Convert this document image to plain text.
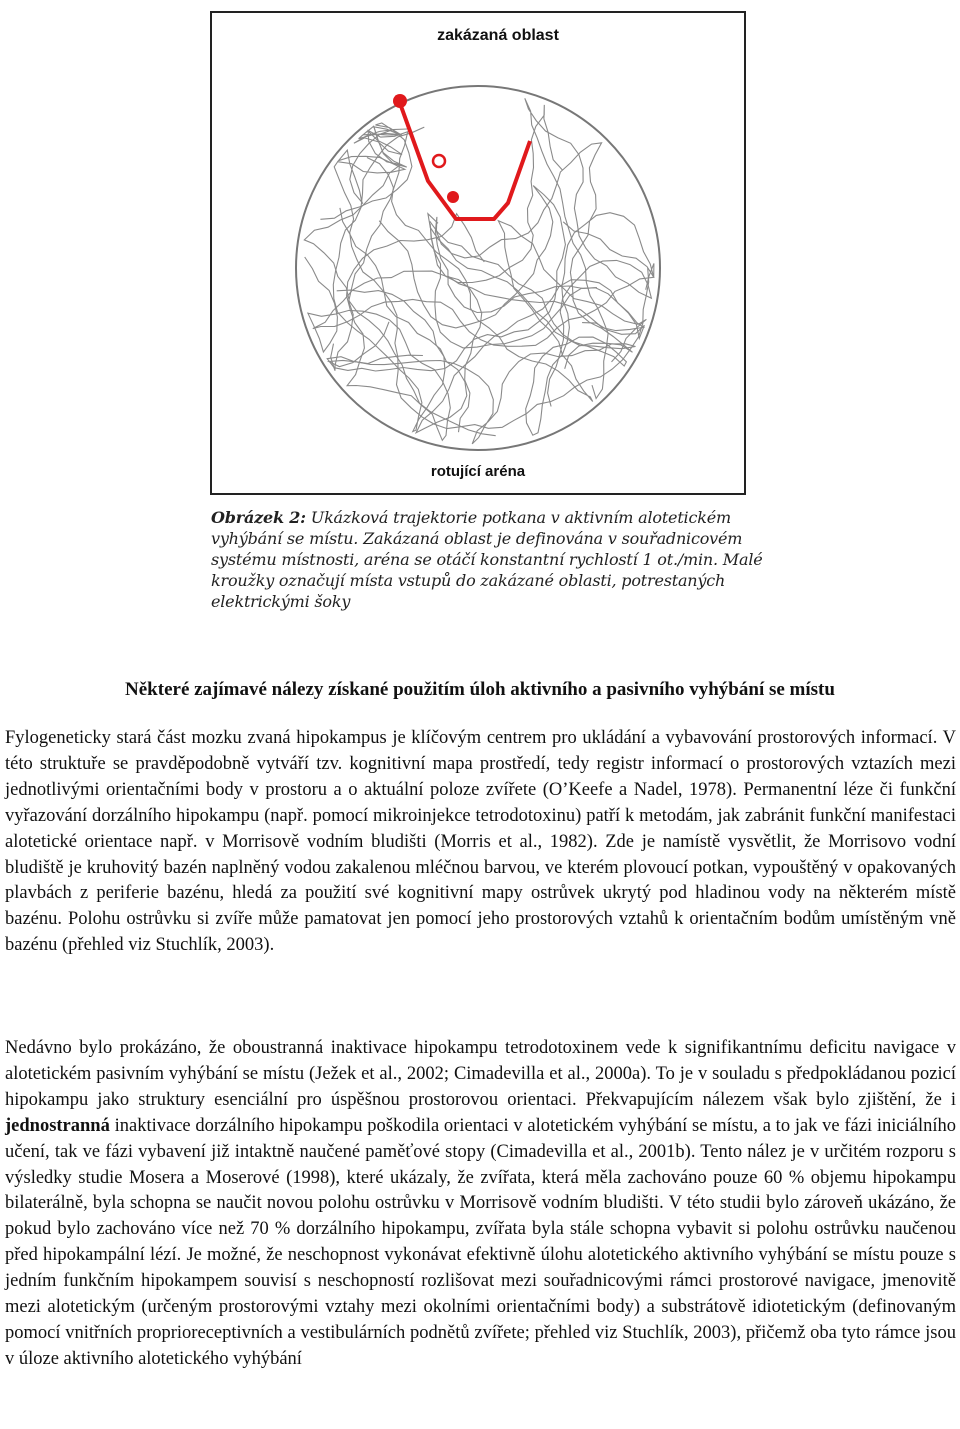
zakázaná oblast
rotující aréna
Obrázek 2: Ukázková trajektorie potkana v aktivním alotetickém vyhýbání se místu. Zakázaná oblast je definována v souřadnicovém systému místnosti, aréna se otáčí konstantní rychlostí 1 ot./min. Malé kroužky označují místa vstupů do zakázané oblasti, potrestaných elektrickými šoky
Některé zajímavé nálezy získané použitím úloh aktivního a pasivního vyhýbání se místu

Fylogeneticky stará část mozku zvaná hipokampus je klíčovým centrem pro ukládání a vybavování prostorových informací. V této struktuře se pravděpodobně vytváří tzv. kognitivní mapa prostředí, tedy registr informací o prostorových vztazích mezi jednotlivými orientačními body v prostoru a o aktuální poloze zvířete (O’Keefe a Nadel, 1978). Permanentní léze či funkční vyřazování dorzálního hipokampu (např. pomocí mikroinjekce tetrodotoxinu) patří k metodám, jak zabránit funkční manifestaci alotetické orientace např. v Morrisově vodním bludišti (Morris et al., 1982). Zde je namístě vysvětlit, že Morrisovo vodní bludiště je kruhovitý bazén naplněný vodou zakalenou mléčnou barvou, ve kterém plovoucí potkan, vypouštěný v opakovaných plavbách z periferie bazénu, hledá za použití své kognitivní mapy ostrůvek ukrytý pod hladinou vody na některém místě bazénu. Polohu ostrůvku si zvíře může pamatovat jen pomocí jeho prostorových vztahů k orientačním bodům umístěným vně bazénu (přehled viz Stuchlík, 2003).

Nedávno bylo prokázáno, že oboustranná inaktivace hipokampu tetrodotoxinem vede k signifikantnímu deficitu navigace v alotetickém pasivním vyhýbání se místu (Ježek et al., 2002; Cimadevilla et al., 2000a). To je v souladu s předpokládanou pozicí hipokampu jako struktury esenciální pro úspěšnou prostorovou orientaci. Překvapujícím nálezem však bylo zjištění, že i jednostranná inaktivace dorzálního hipokampu poškodila orientaci v alotetickém vyhýbání se místu, a to jak ve fázi iniciálního učení, tak ve fázi vybavení již intaktně naučené paměťové stopy (Cimadevilla et al., 2001b). Tento nález je v určitém rozporu s výsledky studie Mosera a Moserové (1998), které ukázaly, že zvířata, která měla zachováno pouze 60 % objemu hipokampu bilaterálně, byla schopna se naučit novou polohu ostrůvku v Morrisově vodním bludišti. V této studii bylo zároveň ukázáno, že pokud bylo zachováno více než 70 % dorzálního hipokampu, zvířata byla stále schopna vybavit si polohu ostrůvku naučenou před hipokampální lézí. Je možné, že neschopnost vykonávat efektivně úlohu alotetického aktivního vyhýbání se místu pouze s jedním funkčním hipokampem souvisí s neschopností rozlišovat mezi souřadnicovými rámci prostorové navigace, jmenovitě mezi alotetickým (určeným prostorovými vztahy mezi okolními orientačními body) a substrátově idiotetickým (definovaným pomocí vnitřních proprioreceptivních a vestibulárních podnětů zvířete; přehled viz Stuchlík, 2003), přičemž oba tyto rámce jsou v úloze aktivního alotetického vyhýbání
